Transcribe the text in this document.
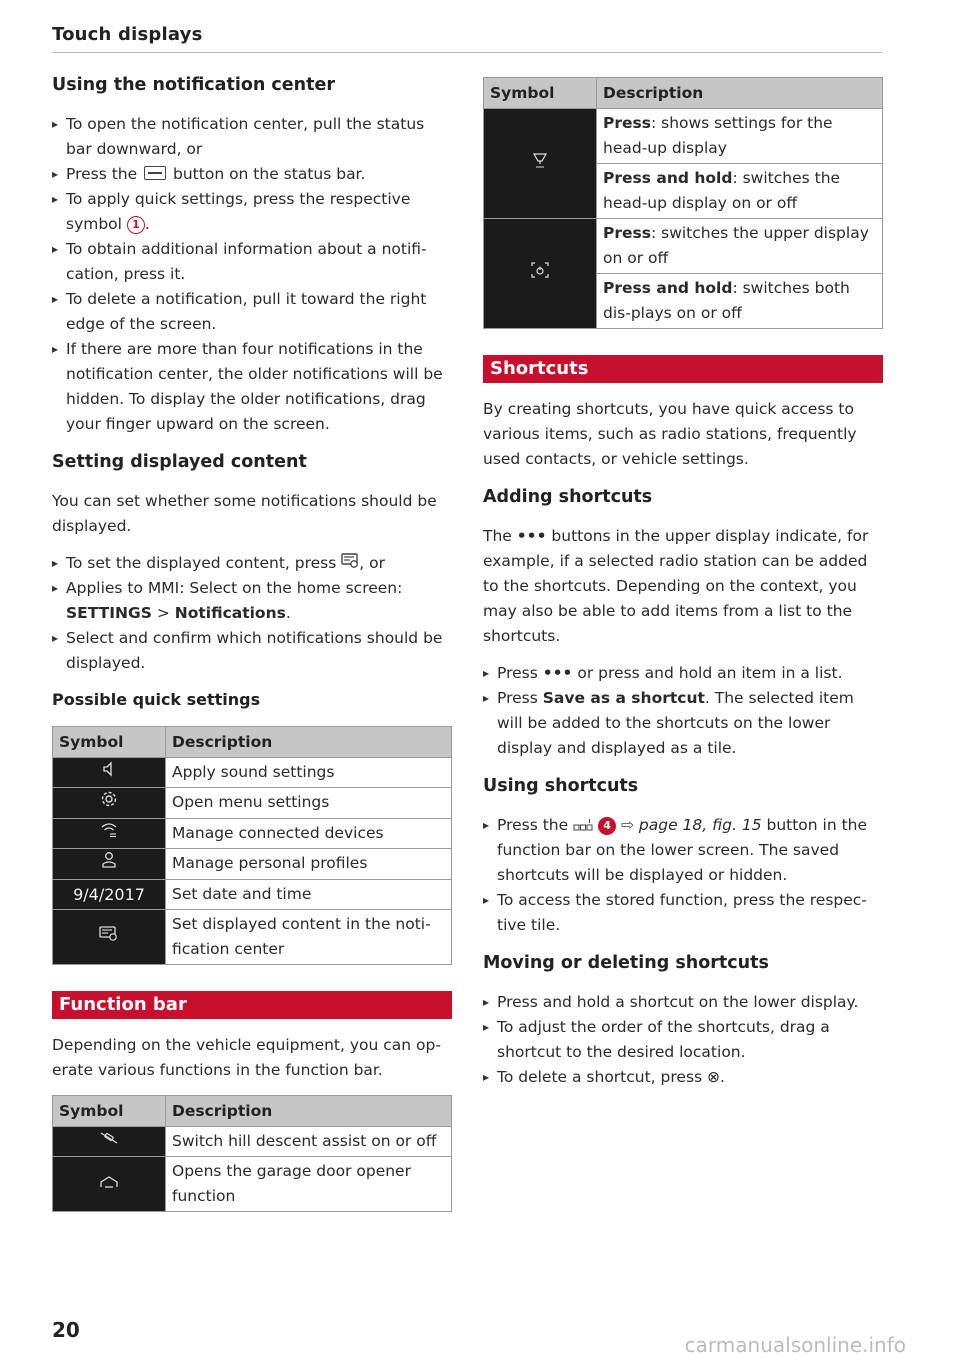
Touch displays
Using the notification center
▸ To open the notification center, pull the status bar downward, or
▸ Press the  button on the status bar.
▸ To apply quick settings, press the respective symbol 1 .
▸ To obtain additional information about a notifi-cation, press it.
▸ To delete a notification, pull it toward the right edge of the screen.
▸ If there are more than four notifications in the notification center, the older notifications will be hidden. To display the older notifications, drag your finger upward on the screen.
Setting displayed content

You can set whether some notifications should be displayed.

▸ To set the displayed content, press , or
▸ Applies to MMI: Select on the home screen: SETTINGS > Notifications.
▸ Select and confirm which notifications should be displayed.
Possible quick settings
Symbol	Description
	Apply sound settings
	Open menu settings
	Manage connected devices
	Manage personal profiles
9/4/2017	Set date and time
	Set displayed content in the noti-fication center
Function bar

Depending on the vehicle equipment, you can op-erate various functions in the function bar.

Symbol	Description
	Switch hill descent assist on or off
	Opens the garage door opener function
Symbol	Description
	Press: shows settings for the head-up display
	Press and hold: switches the head-up display on or off
	Press: switches the upper display on or off
	Press and hold: switches both dis-plays on or off
Shortcuts

By creating shortcuts, you have quick access to various items, such as radio stations, frequently used contacts, or vehicle settings.

Adding shortcuts

The ••• buttons in the upper display indicate, for example, if a selected radio station can be added to the shortcuts. Depending on the context, you may also be able to add items from a list to the shortcuts.

▸ Press ••• or press and hold an item in a list.
▸ Press Save as a shortcut. The selected item will be added to the shortcuts on the lower display and displayed as a tile.
Using shortcuts
▸ Press the	4 ⇨ page 18, fig. 15 button in the function bar on the lower screen. The saved shortcuts will be displayed or hidden.
▸ To access the stored function, press the respec-tive tile.
Moving or deleting shortcuts
▸ Press and hold a shortcut on the lower display.
▸ To adjust the order of the shortcuts, drag a shortcut to the desired location.
▸ To delete a shortcut, press ⊗.
20
carmanualsonline.info
